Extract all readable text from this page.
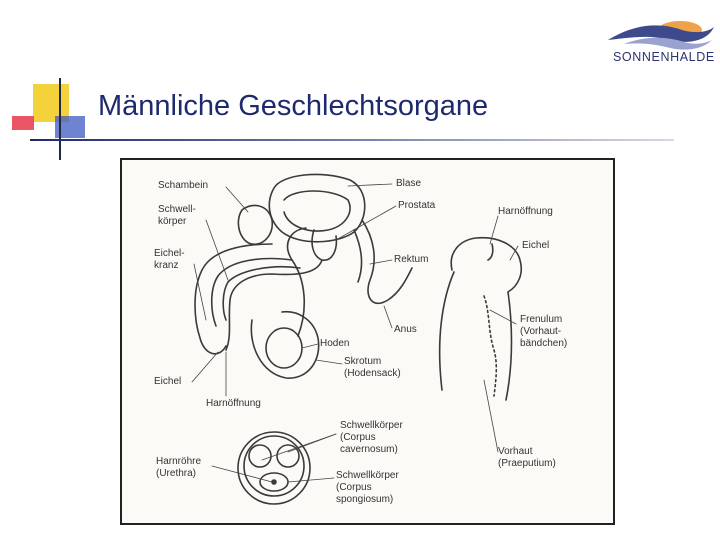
Männliche Geschlechtsorgane
SONNENHALDE
Schambein
Schwell-
körper
Eichel-
kranz
Eichel
Harnöffnung
Blase
Prostata
Rektum
Anus
Hoden
Skrotum
(Hodensack)
Harnöffnung
Eichel
Frenulum
(Vorhaut-
bändchen)
Schwellkörper
(Corpus
cavernosum)
Schwellkörper
(Corpus
spongiosum)
Harnröhre
(Urethra)
Vorhaut
(Praeputium)
